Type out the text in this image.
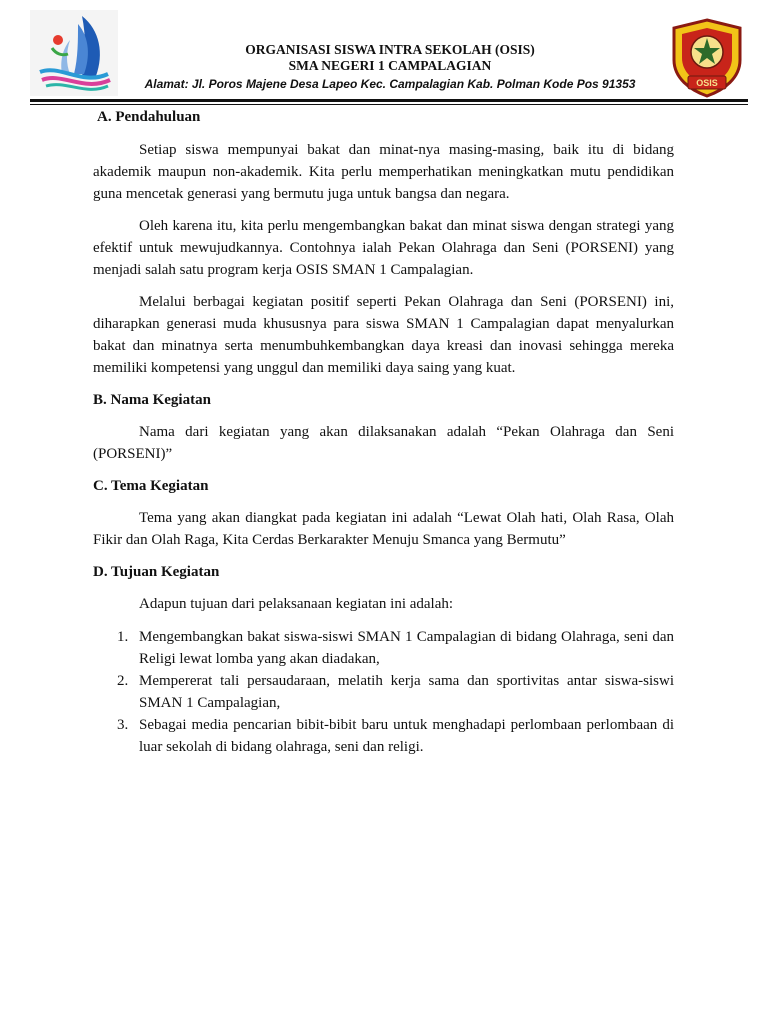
ORGANISASI SISWA INTRA SEKOLAH (OSIS)
SMA NEGERI 1 CAMPALAGIAN
Alamat: Jl. Poros Majene Desa Lapeo Kec. Campalagian Kab. Polman Kode Pos 91353	OSIS
A. Pendahuluan

Setiap siswa mempunyai bakat dan minat-nya masing-masing, baik itu di bidang akademik maupun non-akademik. Kita perlu memperhatikan meningkatkan mutu pendidikan guna mencetak generasi yang bermutu juga untuk bangsa dan negara.

Oleh karena itu, kita perlu mengembangkan bakat dan minat siswa dengan strategi yang efektif untuk mewujudkannya. Contohnya ialah Pekan Olahraga dan Seni (PORSENI) yang menjadi salah satu program kerja OSIS SMAN 1 Campalagian.

Melalui berbagai kegiatan positif seperti Pekan Olahraga dan Seni (PORSENI) ini, diharapkan generasi muda khususnya para siswa SMAN 1 Campalagian dapat menyalurkan bakat dan minatnya serta menumbuhkembangkan daya kreasi dan inovasi sehingga mereka memiliki kompetensi yang unggul dan memiliki daya saing yang kuat.

B. Nama Kegiatan

Nama dari kegiatan yang akan dilaksanakan adalah “Pekan Olahraga dan Seni (PORSENI)”

C. Tema Kegiatan

Tema yang akan diangkat pada kegiatan ini adalah “Lewat Olah hati, Olah Rasa, Olah Fikir dan Olah Raga, Kita Cerdas Berkarakter Menuju Smanca yang Bermutu”

D. Tujuan Kegiatan

Adapun tujuan dari pelaksanaan kegiatan ini adalah:

1. Mengembangkan bakat siswa-siswi SMAN 1 Campalagian di bidang Olahraga, seni dan Religi lewat lomba yang akan diadakan,
2. Mempererat tali persaudaraan, melatih kerja sama dan sportivitas antar siswa-siswi SMAN 1 Campalagian,
3. Sebagai media pencarian bibit-bibit baru untuk menghadapi perlombaan perlombaan di luar sekolah di bidang olahraga, seni dan religi.
